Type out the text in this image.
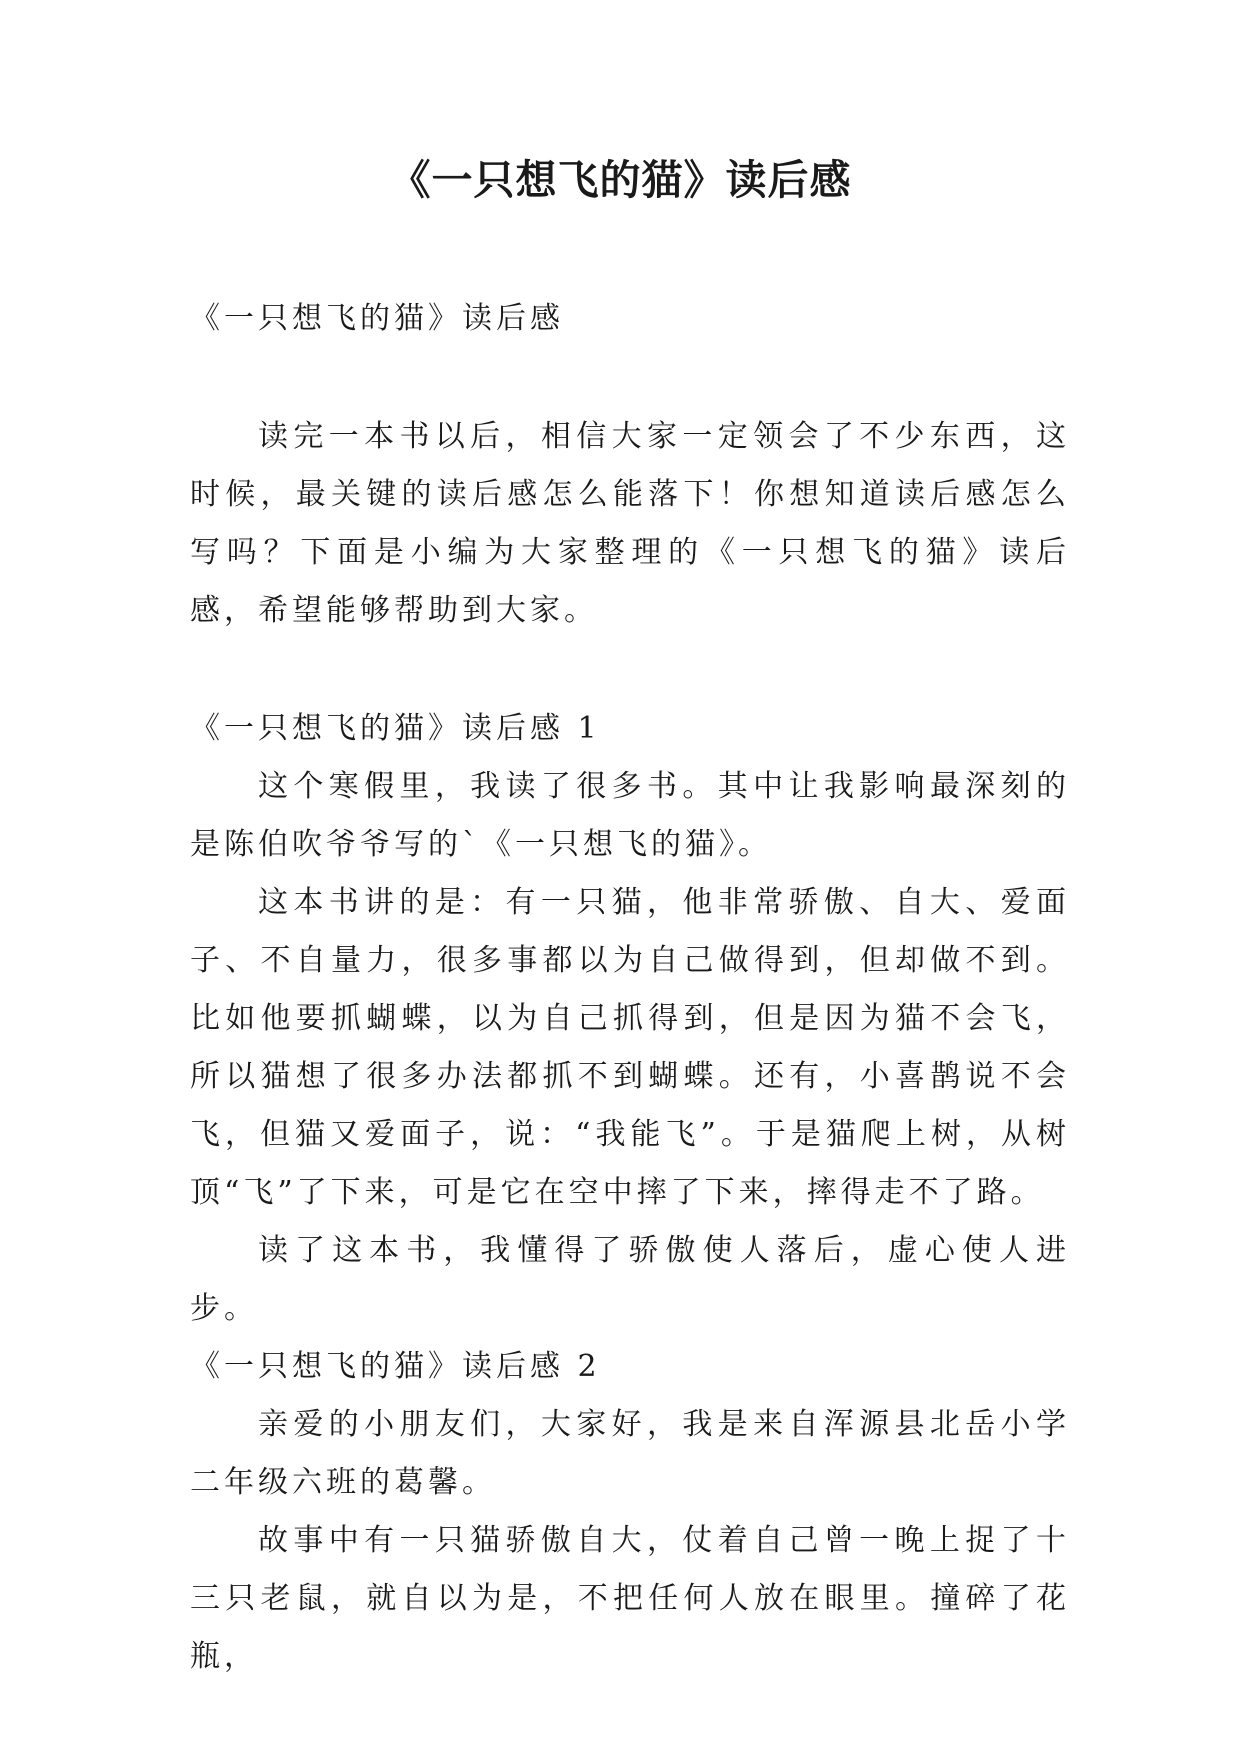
《一只想飞的猫》读后感

《一只想飞的猫》读后感

读完一本书以后，相信大家一定领会了不少东西，这时候，最关键的读后感怎么能落下！你想知道读后感怎么写吗？下面是小编为大家整理的《一只想飞的猫》读后感，希望能够帮助到大家。

《一只想飞的猫》读后感 1

这个寒假里，我读了很多书。其中让我影响最深刻的是陈伯吹爷爷写的`《一只想飞的猫》。

这本书讲的是：有一只猫，他非常骄傲、自大、爱面子、不自量力，很多事都以为自己做得到，但却做不到。比如他要抓蝴蝶，以为自己抓得到，但是因为猫不会飞，所以猫想了很多办法都抓不到蝴蝶。还有，小喜鹊说不会飞，但猫又爱面子，说：“我能飞”。于是猫爬上树，从树顶“飞”了下来，可是它在空中摔了下来，摔得走不了路。

读了这本书，我懂得了骄傲使人落后，虚心使人进步。

《一只想飞的猫》读后感 2

亲爱的小朋友们，大家好，我是来自浑源县北岳小学二年级六班的葛馨。

故事中有一只猫骄傲自大，仗着自己曾一晚上捉了十三只老鼠，就自以为是，不把任何人放在眼里。撞碎了花瓶，
